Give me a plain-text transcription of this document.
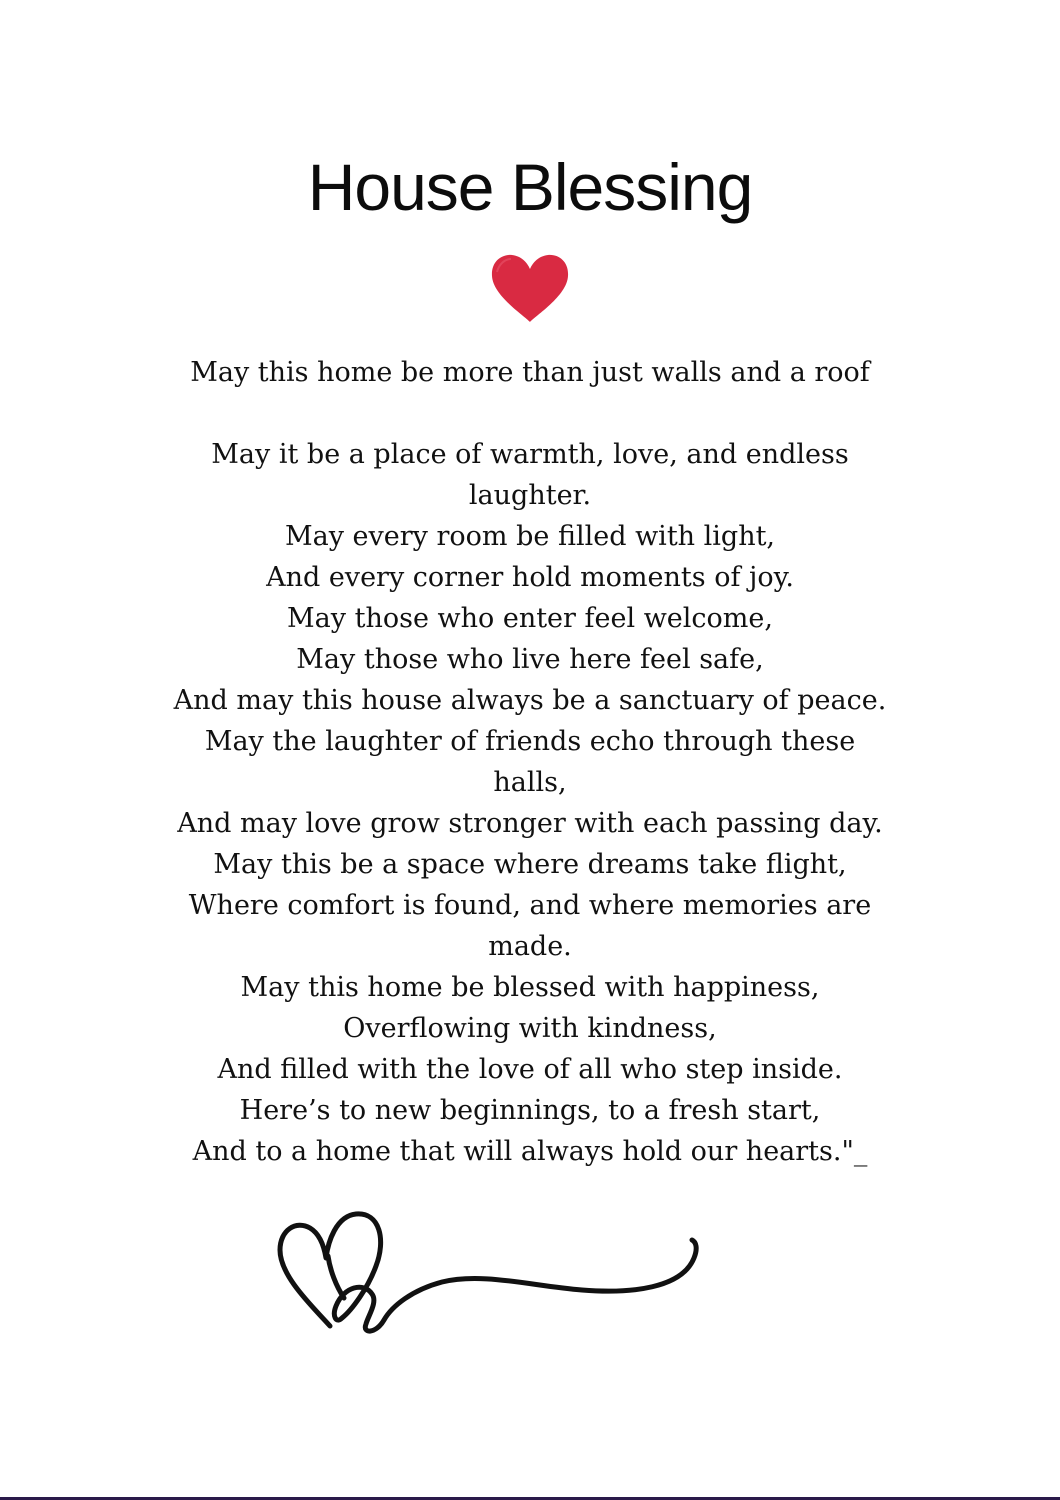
House Blessing
May this home be more than just walls and a roof
May it be a place of warmth, love, and endless
laughter.
May every room be filled with light,
And every corner hold moments of joy.
May those who enter feel welcome,
May those who live here feel safe,
And may this house always be a sanctuary of peace.
May the laughter of friends echo through these
halls,
And may love grow stronger with each passing day.
May this be a space where dreams take flight,
Where comfort is found, and where memories are
made.
May this home be blessed with happiness,
Overflowing with kindness,
And filled with the love of all who step inside.
Here’s to new beginnings, to a fresh start,
And to a home that will always hold our hearts."_
